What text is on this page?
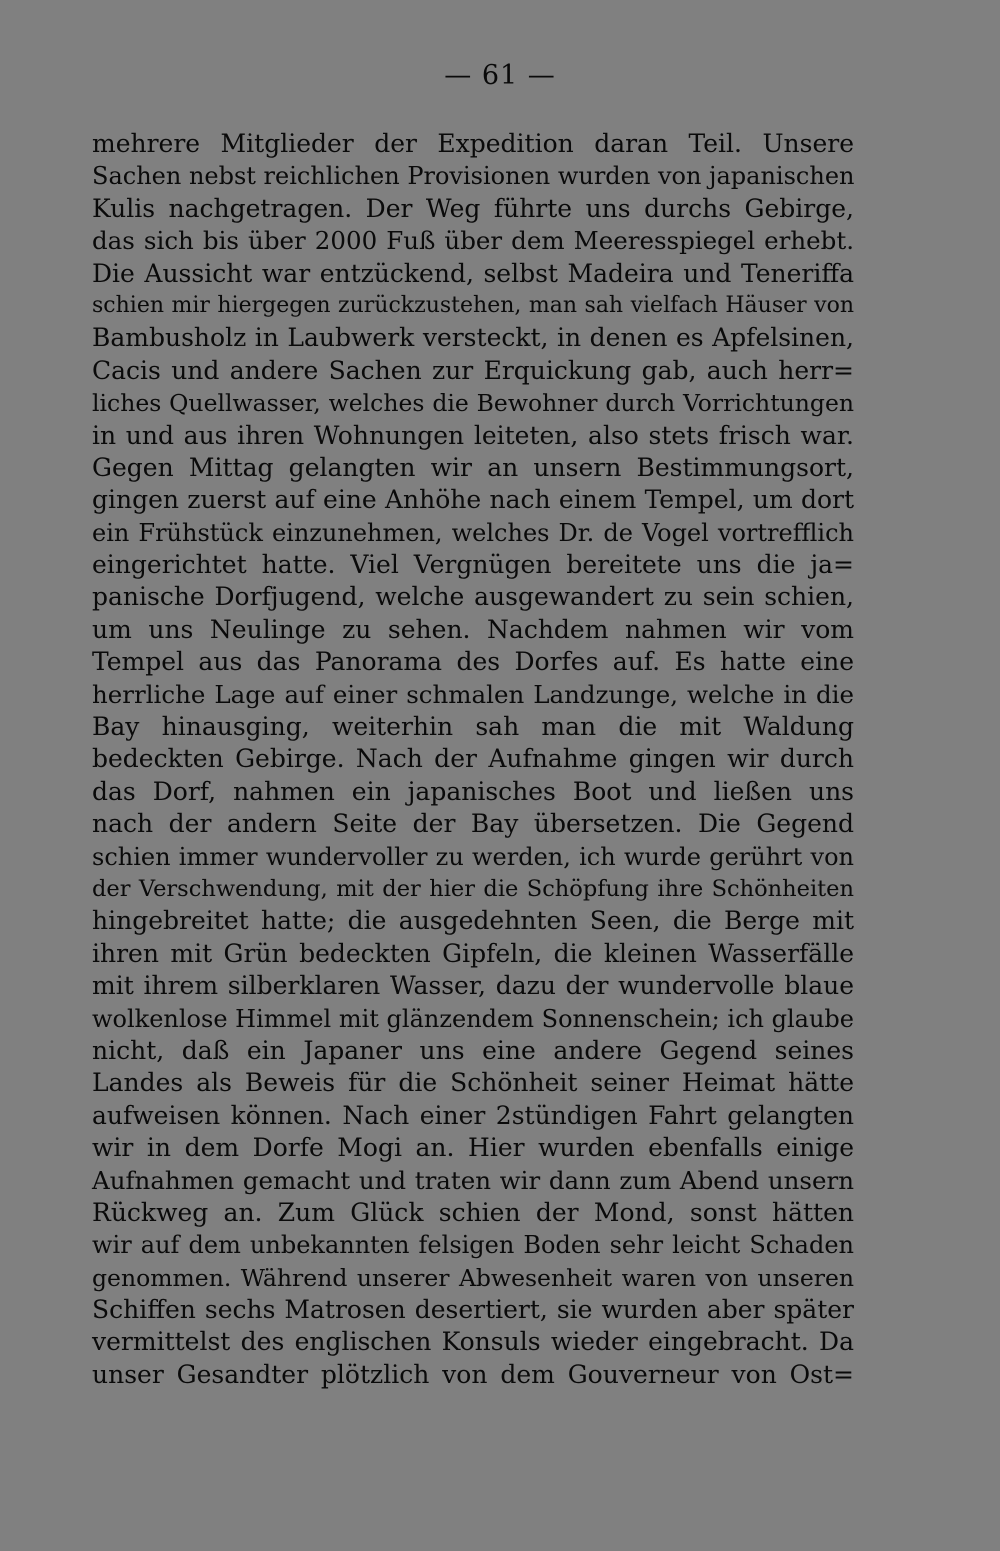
— 61 —
mehrere Mitglieder der Expedition daran Teil. Unsere
Sachen nebst reichlichen Provisionen wurden von japanischen
Kulis nachgetragen. Der Weg führte uns durchs Gebirge,
das sich bis über 2000 Fuß über dem Meeresspiegel erhebt.
Die Aussicht war entzückend, selbst Madeira und Teneriffa
schien mir hiergegen zurückzustehen, man sah vielfach Häuser von
Bambusholz in Laubwerk versteckt, in denen es Apfelsinen,
Cacis und andere Sachen zur Erquickung gab, auch herr=
liches Quellwasser, welches die Bewohner durch Vorrichtungen
in und aus ihren Wohnungen leiteten, also stets frisch war.
Gegen Mittag gelangten wir an unsern Bestimmungsort,
gingen zuerst auf eine Anhöhe nach einem Tempel, um dort
ein Frühstück einzunehmen, welches Dr. de Vogel vortrefflich
eingerichtet hatte. Viel Vergnügen bereitete uns die ja=
panische Dorfjugend, welche ausgewandert zu sein schien,
um uns Neulinge zu sehen. Nachdem nahmen wir vom
Tempel aus das Panorama des Dorfes auf. Es hatte eine
herrliche Lage auf einer schmalen Landzunge, welche in die
Bay hinausging, weiterhin sah man die mit Waldung
bedeckten Gebirge. Nach der Aufnahme gingen wir durch
das Dorf, nahmen ein japanisches Boot und ließen uns
nach der andern Seite der Bay übersetzen. Die Gegend
schien immer wundervoller zu werden, ich wurde gerührt von
der Verschwendung, mit der hier die Schöpfung ihre Schönheiten
hingebreitet hatte; die ausgedehnten Seen, die Berge mit
ihren mit Grün bedeckten Gipfeln, die kleinen Wasserfälle
mit ihrem silberklaren Wasser, dazu der wundervolle blaue
wolkenlose Himmel mit glänzendem Sonnenschein; ich glaube
nicht, daß ein Japaner uns eine andere Gegend seines
Landes als Beweis für die Schönheit seiner Heimat hätte
aufweisen können. Nach einer 2stündigen Fahrt gelangten
wir in dem Dorfe Mogi an. Hier wurden ebenfalls einige
Aufnahmen gemacht und traten wir dann zum Abend unsern
Rückweg an. Zum Glück schien der Mond, sonst hätten
wir auf dem unbekannten felsigen Boden sehr leicht Schaden
genommen. Während unserer Abwesenheit waren von unseren
Schiffen sechs Matrosen desertiert, sie wurden aber später
vermittelst des englischen Konsuls wieder eingebracht. Da
unser Gesandter plötzlich von dem Gouverneur von Ost=
